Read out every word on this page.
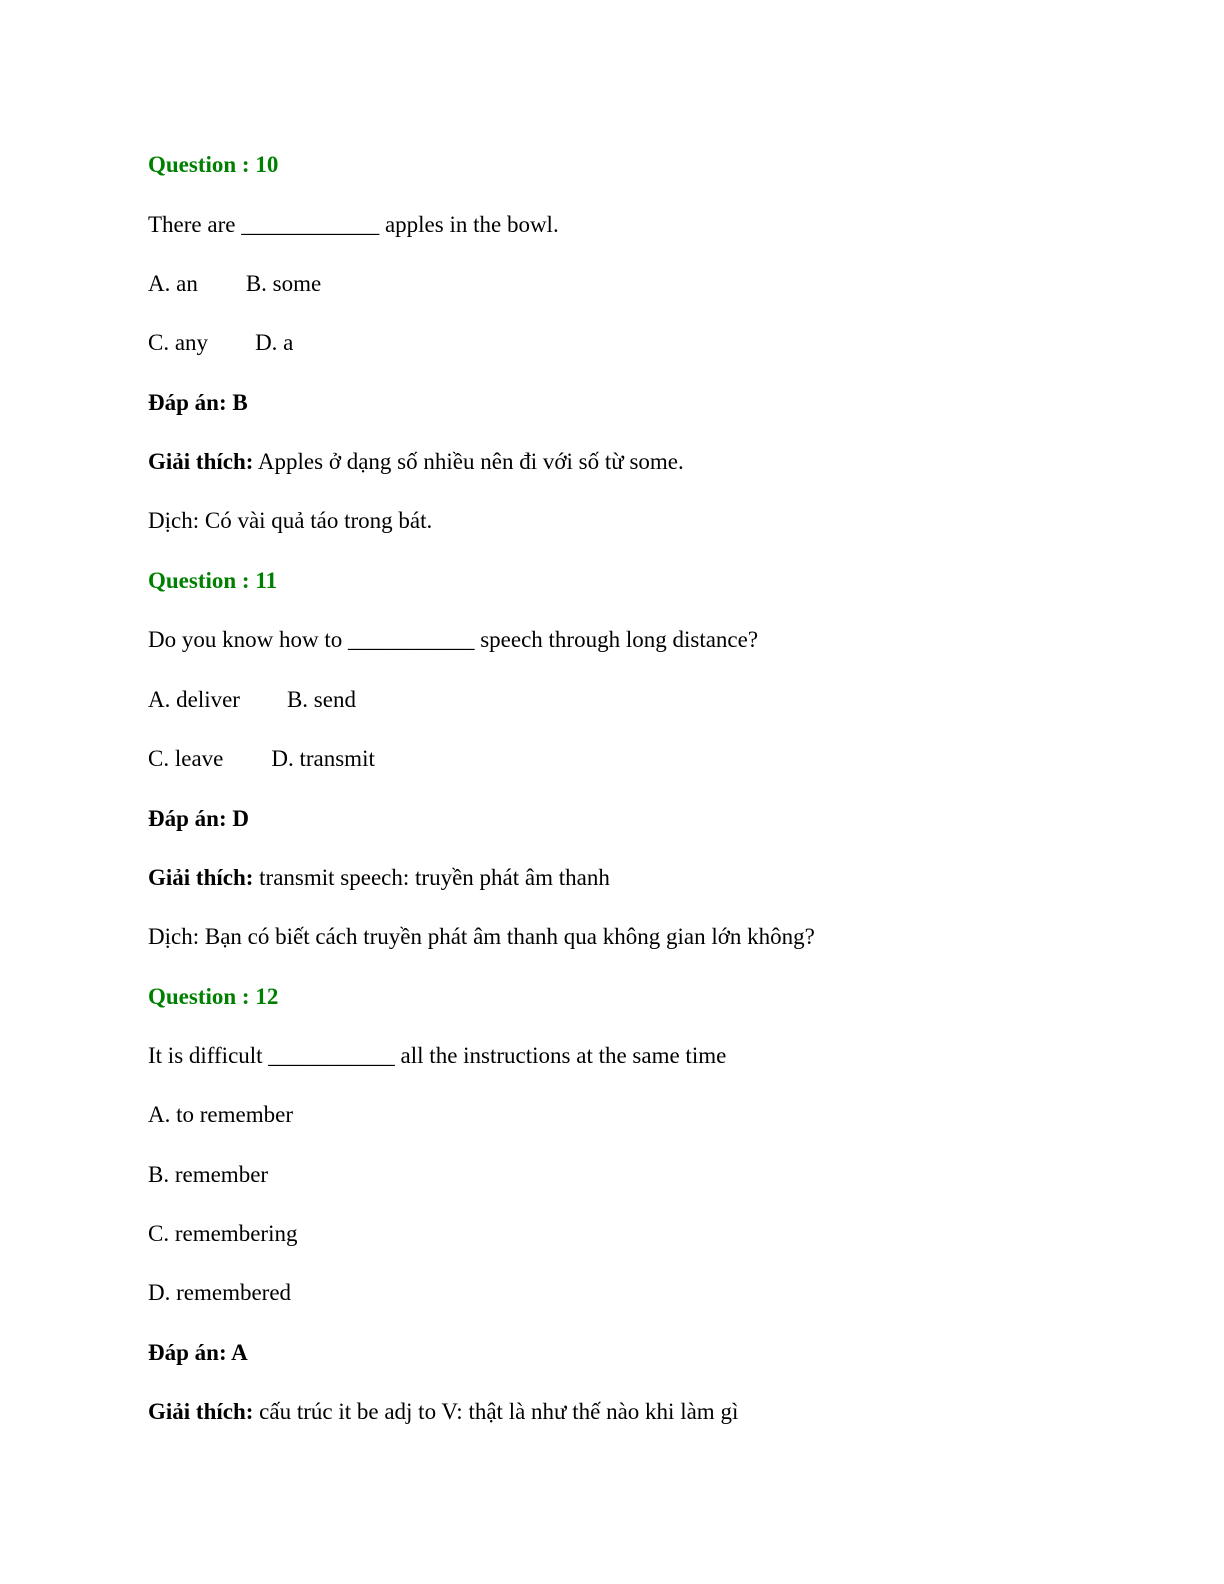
Question : 10

There are ____________ apples in the bowl.

A. an B. some

C. any D. a

Đáp án: B

Giải thích: Apples ở dạng số nhiều nên đi với số từ some.

Dịch: Có vài quả táo trong bát.

Question : 11

Do you know how to ___________ speech through long distance?

A. deliver B. send

C. leave D. transmit

Đáp án: D

Giải thích: transmit speech: truyền phát âm thanh

Dịch: Bạn có biết cách truyền phát âm thanh qua không gian lớn không?

Question : 12

It is difficult ___________ all the instructions at the same time

A. to remember

B. remember

C. remembering

D. remembered

Đáp án: A

Giải thích: cấu trúc it be adj to V: thật là như thế nào khi làm gì
